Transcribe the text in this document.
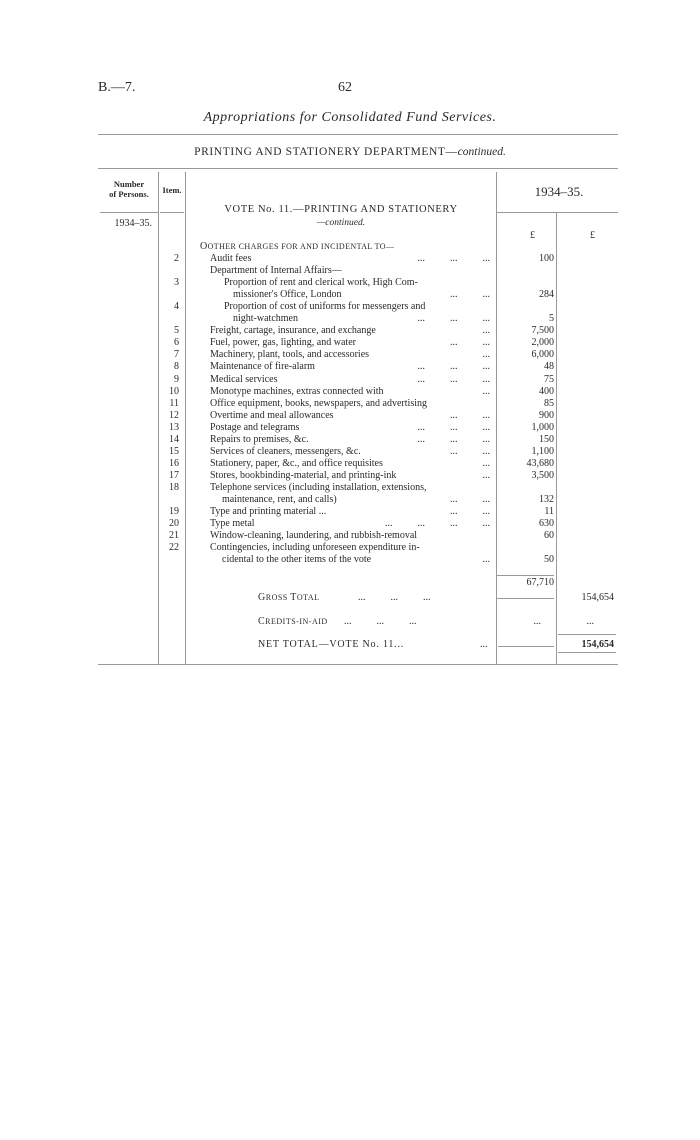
B.—7.	62
Appropriations for Consolidated Fund Services.
PRINTING AND STATIONERY DEPARTMENT—continued.
Number
of Persons.	Item.	1934–35.
1934–35.
VOTE No. 11.—PRINTING AND STATIONERY
—continued.
£	£
OOTHER CHARGES FOR AND INCIDENTAL TO—
2	Audit fees	...          ...          ...	100
Department of Internal Affairs—
3	Proportion of rent and clerical work, High Com-
missioner's Office, London	...          ...	284
4	Proportion of cost of uniforms for messengers and
night-watchmen	...          ...          ...	5
5	Freight, cartage, insurance, and exchange	...	7,500
6	Fuel, power, gas, lighting, and water	...          ...	2,000
7	Machinery, plant, tools, and accessories	...	6,000
8	Maintenance of fire-alarm	...          ...          ...	48
9	Medical services	...          ...          ...	75
10	Monotype machines, extras connected with	...	400
11	Office equipment, books, newspapers, and advertising	85
12	Overtime and meal allowances	...          ...	900
13	Postage and telegrams	...          ...          ...	1,000
14	Repairs to premises, &c.	...          ...          ...	150
15	Services of cleaners, messengers, &c.	...          ...	1,100
16	Stationery, paper, &c., and office requisites	...	43,680
17	Stores, bookbinding-material, and printing-ink	...	3,500
18	Telephone services (including installation, extensions,
maintenance, rent, and calls)	...          ...	132
19	Type and printing material ...	...          ...	11
20	Type metal	...          ...          ...          ...	630
21	Window-cleaning, laundering, and rubbish-removal	60
22	Contingencies, including unforeseen expenditure in-
cidental to the other items of the vote	...	50
67,710
GROSS TOTAL	...          ...          ...	154,654
CREDITS-IN-AID ...          ...          ...	...	...
NET TOTAL—VOTE No. 11...	...	154,654
